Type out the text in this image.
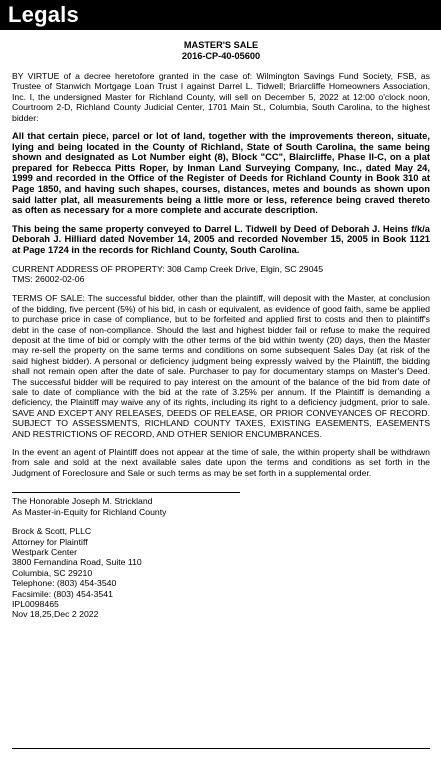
Legals
MASTER'S SALE
2016-CP-40-05600

BY VIRTUE of a decree heretofore granted in the case of: Wilmington Savings Fund Society, FSB, as Trustee of Stanwich Mortgage Loan Trust I against Darrel L. Tidwell; Briarcliffe Homeowners Association, Inc. I, the undersigned Master for Richland County, will sell on December 5, 2022 at 12:00 o'clock noon, Courtroom 2-D, Richland County Judicial Center, 1701 Main St., Columbia, South Carolina, to the highest bidder:

All that certain piece, parcel or lot of land, together with the improvements thereon, situate, lying and being located in the County of Richland, State of South Carolina, the same being shown and designated as Lot Number eight (8), Block "CC", Blaircliffe, Phase II-C, on a plat prepared for Rebecca Pitts Roper, by Inman Land Surveying Company, Inc., dated May 24, 1999 and recorded in the Office of the Register of Deeds for Richland County in Book 310 at Page 1850, and having such shapes, courses, distances, metes and bounds as shown upon said latter plat, all measurements being a little more or less, reference being craved thereto as often as necessary for a more complete and accurate description.

This being the same property conveyed to Darrel L. Tidwell by Deed of Deborah J. Heins f/k/a Deborah J. Hilliard dated November 14, 2005 and recorded November 15, 2005 in Book 1121 at Page 1724 in the records for Richland County, South Carolina.

CURRENT ADDRESS OF PROPERTY: 308 Camp Creek Drive, Elgin, SC 29045
TMS: 26002-02-06

TERMS OF SALE: The successful bidder, other than the plaintiff, will deposit with the Master, at conclusion of the bidding, five percent (5%) of his bid, in cash or equivalent, as evidence of good faith, same be applied to purchase price in case of compliance, but to be forfeited and applied first to costs and then to plaintiff's debt in the case of non-compliance. Should the last and highest bidder fail or refuse to make the required deposit at the time of bid or comply with the other terms of the bid within twenty (20) days, then the Master may re-sell the property on the same terms and conditions on some subsequent Sales Day (at risk of the said highest bidder). A personal or deficiency judgment being expressly waived by the Plaintiff, the bidding shall not remain open after the date of sale. Purchaser to pay for documentary stamps on Master's Deed. The successful bidder will be required to pay interest on the amount of the balance of the bid from date of sale to date of compliance with the bid at the rate of 3.25% per annum. If the Plaintiff is demanding a deficiency, the Plaintiff may waive any of its rights, including its right to a deficiency judgment, prior to sale. SAVE AND EXCEPT ANY RELEASES, DEEDS OF RELEASE, OR PRIOR CONVEYANCES OF RECORD. SUBJECT TO ASSESSMENTS, RICHLAND COUNTY TAXES, EXISTING EASEMENTS, EASEMENTS AND RESTRICTIONS OF RECORD, AND OTHER SENIOR ENCUMBRANCES.

In the event an agent of Plaintiff does not appear at the time of sale, the within property shall be withdrawn from sale and sold at the next available sales date upon the terms and conditions as set forth in the Judgment of Foreclosure and Sale or such terms as may be set forth in a supplemental order.

The Honorable Joseph M. Strickland
As Master-in-Equity for Richland County
Brock & Scott, PLLC
Attorney for Plaintiff
Westpark Center
3800 Fernandina Road, Suite 110
Columbia, SC 29210
Telephone: (803) 454-3540
Facsimile: (803) 454-3541
IPL0098465
Nov 18,25,Dec 2 2022
